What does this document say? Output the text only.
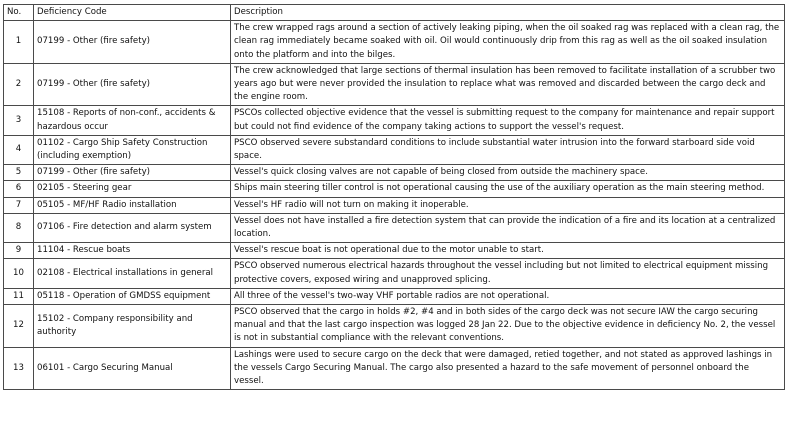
No.	Deficiency Code	Description
1	07199 - Other (fire safety)	The crew wrapped rags around a section of actively leaking piping, when the oil soaked rag was replaced with a clean rag, the clean rag immediately became soaked with oil. Oil would continuously drip from this rag as well as the oil soaked insulation onto the platform and into the bilges.
2	07199 - Other (fire safety)	The crew acknowledged that large sections of thermal insulation has been removed to facilitate installation of a scrubber two years ago but were never provided the insulation to replace what was removed and discarded between the cargo deck and the engine room.
3	15108 - Reports of non-conf., accidents & hazardous occur	PSCOs collected objective evidence that the vessel is submitting request to the company for maintenance and repair support but could not find evidence of the company taking actions to support the vessel's request.
4	01102 - Cargo Ship Safety Construction (including exemption)	PSCO observed severe substandard conditions to include substantial water intrusion into the forward starboard side void space.
5	07199 - Other (fire safety)	Vessel's quick closing valves are not capable of being closed from outside the machinery space.
6	02105 - Steering gear	Ships main steering tiller control is not operational causing the use of the auxiliary operation as the main steering method.
7	05105 - MF/HF Radio installation	Vessel's HF radio will not turn on making it inoperable.
8	07106 - Fire detection and alarm system	Vessel does not have installed a fire detection system that can provide the indication of a fire and its location at a centralized location.
9	11104 - Rescue boats	Vessel's rescue boat is not operational due to the motor unable to start.
10	02108 - Electrical installations in general	PSCO observed numerous electrical hazards throughout the vessel including but not limited to electrical equipment missing protective covers, exposed wiring and unapproved splicing.
11	05118 - Operation of GMDSS equipment	All three of the vessel's two-way VHF portable radios are not operational.
12	15102 - Company responsibility and authority	PSCO observed that the cargo in holds #2, #4 and in both sides of the cargo deck was not secure IAW the cargo securing manual and that the last cargo inspection was logged 28 Jan 22. Due to the objective evidence in deficiency No. 2, the vessel is not in substantial compliance with the relevant conventions.
13	06101 - Cargo Securing Manual	Lashings were used to secure cargo on the deck that were damaged, retied together, and not stated as approved lashings in the vessels Cargo Securing Manual. The cargo also presented a hazard to the safe movement of personnel onboard the vessel.
